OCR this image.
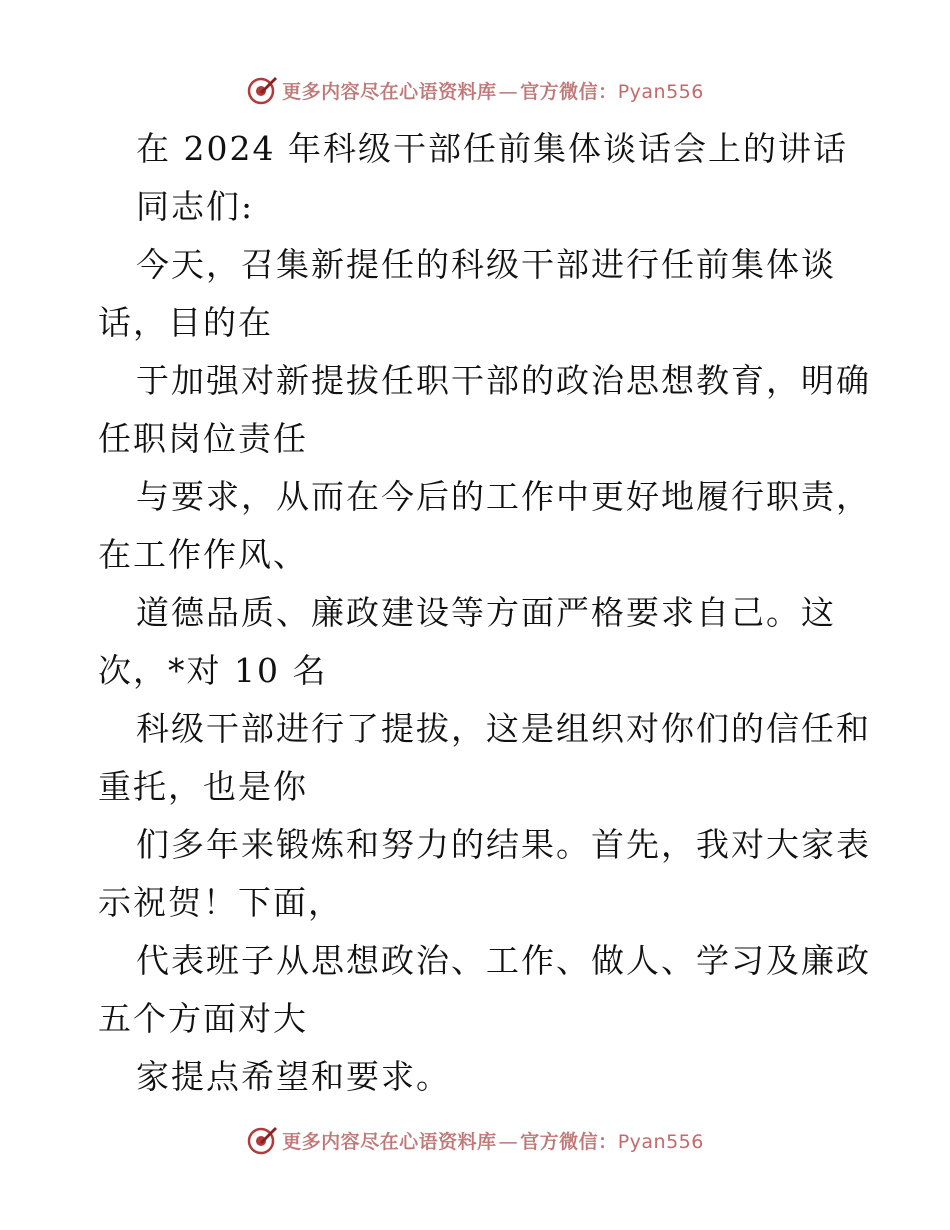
更多内容尽在心语资料库 — 官方微信：Pyan556
在 2024 年科级干部任前集体谈话会上的讲话
同志们:
今天，召集新提任的科级干部进行任前集体谈
话，目的在
于加强对新提拔任职干部的政治思想教育，明确
任职岗位责任
与要求，从而在今后的工作中更好地履行职责，
在工作作风、
道德品质、廉政建设等方面严格要求自己。这
次，*对 10 名
科级干部进行了提拔，这是组织对你们的信任和
重托，也是你
们多年来锻炼和努力的结果。首先，我对大家表
示祝贺！下面，
代表班子从思想政治、工作、做人、学习及廉政
五个方面对大
家提点希望和要求。
更多内容尽在心语资料库 — 官方微信：Pyan556
